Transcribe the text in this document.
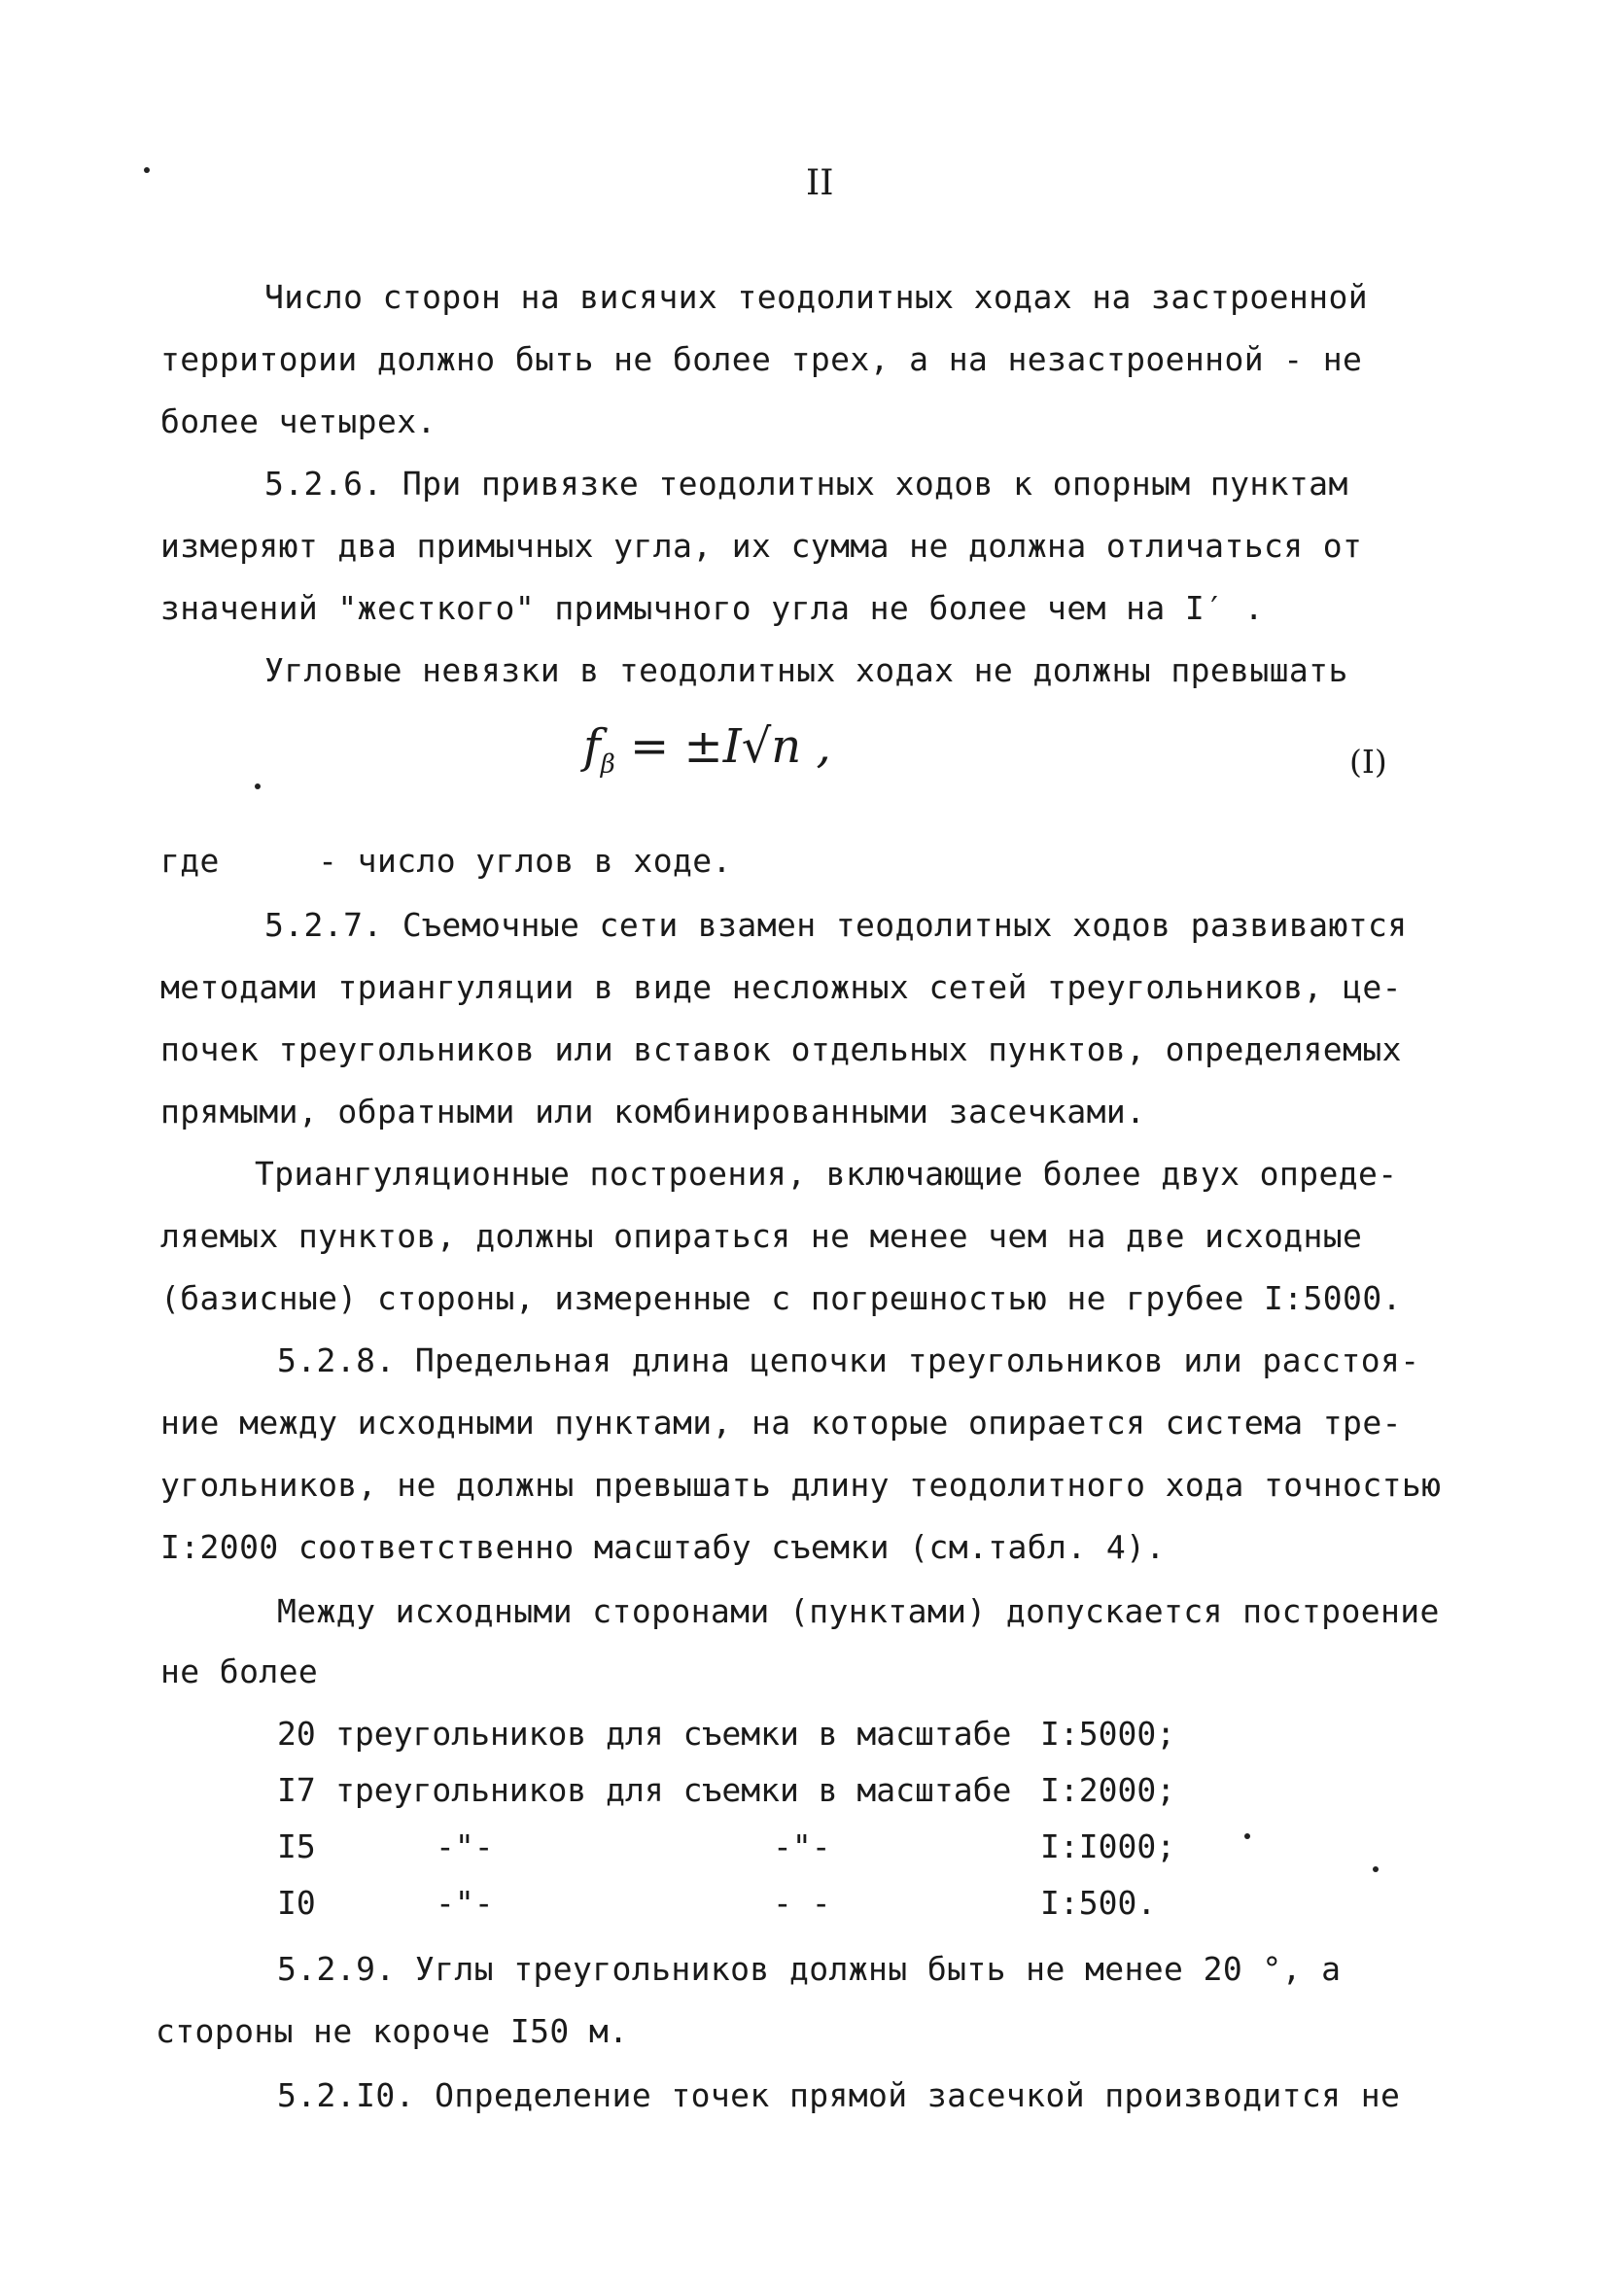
II
Число сторон на висячих теодолитных ходах на застроенной
территории должно быть не более трех, а на незастроенной - не
более четырех.
5.2.6. При привязке теодолитных ходов к опорным пунктам
измеряют два примычных угла, их сумма не должна отличаться от
значений "жесткого" примычного угла не более чем на I′ .
Угловые невязки в теодолитных ходах не должны превышать
$f_\beta = \pm I√n$ ,	(I)
где     - число углов в ходе.
5.2.7. Съемочные сети взамен теодолитных ходов развиваются
методами триангуляции в виде несложных сетей треугольников, це-
почек треугольников или вставок отдельных пунктов, определяемых
прямыми, обратными или комбинированными засечками.
Триангуляционные построения, включающие более двух опреде-
ляемых пунктов, должны опираться не менее чем на две исходные
(базисные) стороны, измеренные с погрешностью не грубее I:5000.
5.2.8. Предельная длина цепочки треугольников или расстоя-
ние между исходными пунктами, на которые опирается система тре-
угольников, не должны превышать длину теодолитного хода точностью
I:2000 соответственно масштабу съемки (см.табл. 4).
Между исходными сторонами (пунктами) допускается построение
не более
20 треугольников для съемки в масштабе I:5000;
I7 треугольников для съемки в масштабе I:2000;
I5	-"-	-"-	I:I000;
I0	-"-	- -	I:500.
5.2.9. Углы треугольников должны быть не менее 20 °, а
стороны не короче I50 м.
5.2.I0. Определение точек прямой засечкой производится не
